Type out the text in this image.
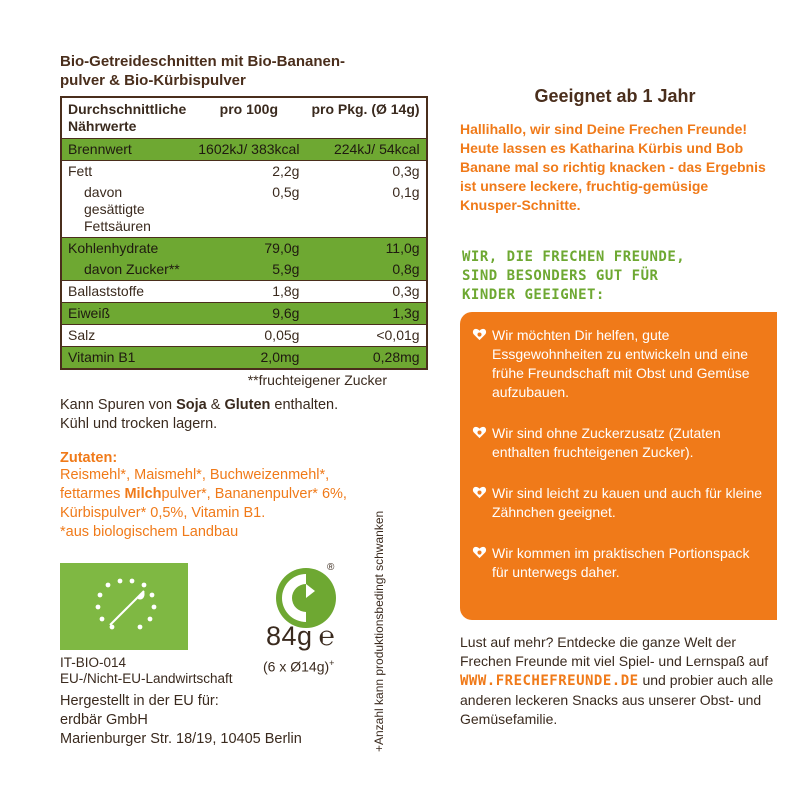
Bio-Getreideschnitten mit Bio-Bananen-pulver & Bio-Kürbispulver
Durchschnittliche Nährwerte	pro 100g	pro Pkg. (Ø 14g)
Brennwert	1602kJ/ 383kcal	224kJ/ 54kcal
Fett	2,2g	0,3g
davon gesättigte Fettsäuren	0,5g	0,1g
Kohlenhydrate	79,0g	11,0g
davon Zucker**	5,9g	0,8g
Ballaststoffe	1,8g	0,3g
Eiweiß	9,6g	1,3g
Salz	0,05g	<0,01g
Vitamin B1	2,0mg	0,28mg
**fruchteigener Zucker
Kann Spuren von Soja & Gluten enthalten.
Kühl und trocken lagern.
Zutaten:
Reismehl*, Maismehl*, Buchweizenmehl*, fettarmes Milchpulver*, Bananenpulver* 6%, Kürbispulver* 0,5%, Vitamin B1.
*aus biologischem Landbau
IT-BIO-014
EU-/Nicht-EU-Landwirtschaft
Hergestellt in der EU für:
erdbär GmbH
Marienburger Str. 18/19, 10405 Berlin
®
84g ℮
(6 x Ø14g)+	+Anzahl kann produktionsbedingt schwanken
Geeignet ab 1 Jahr
Hallihallo, wir sind Deine Frechen Freunde! Heute lassen es Katharina Kürbis und Bob Banane mal so richtig knacken - das Ergebnis ist unsere leckere, fruchtig-gemüsige Knusper-Schnitte.
WIR, DIE FRECHEN FREUNDE,
SIND BESONDERS GUT FÜR
KINDER GEEIGNET:
Wir möchten Dir helfen, gute Essgewohnheiten zu entwickeln und eine frühe Freundschaft mit Obst und Gemüse aufzubauen.
Wir sind ohne Zuckerzusatz (Zutaten enthalten fruchteigenen Zucker).
Wir sind leicht zu kauen und auch für kleine Zähnchen geeignet.
Wir kommen im praktischen Portionspack für unterwegs daher.
Lust auf mehr? Entdecke die ganze Welt der Frechen Freunde mit viel Spiel- und Lernspaß auf WWW.FRECHEFREUNDE.DE und probier auch alle anderen leckeren Snacks aus unserer Obst- und Gemüsefamilie.
